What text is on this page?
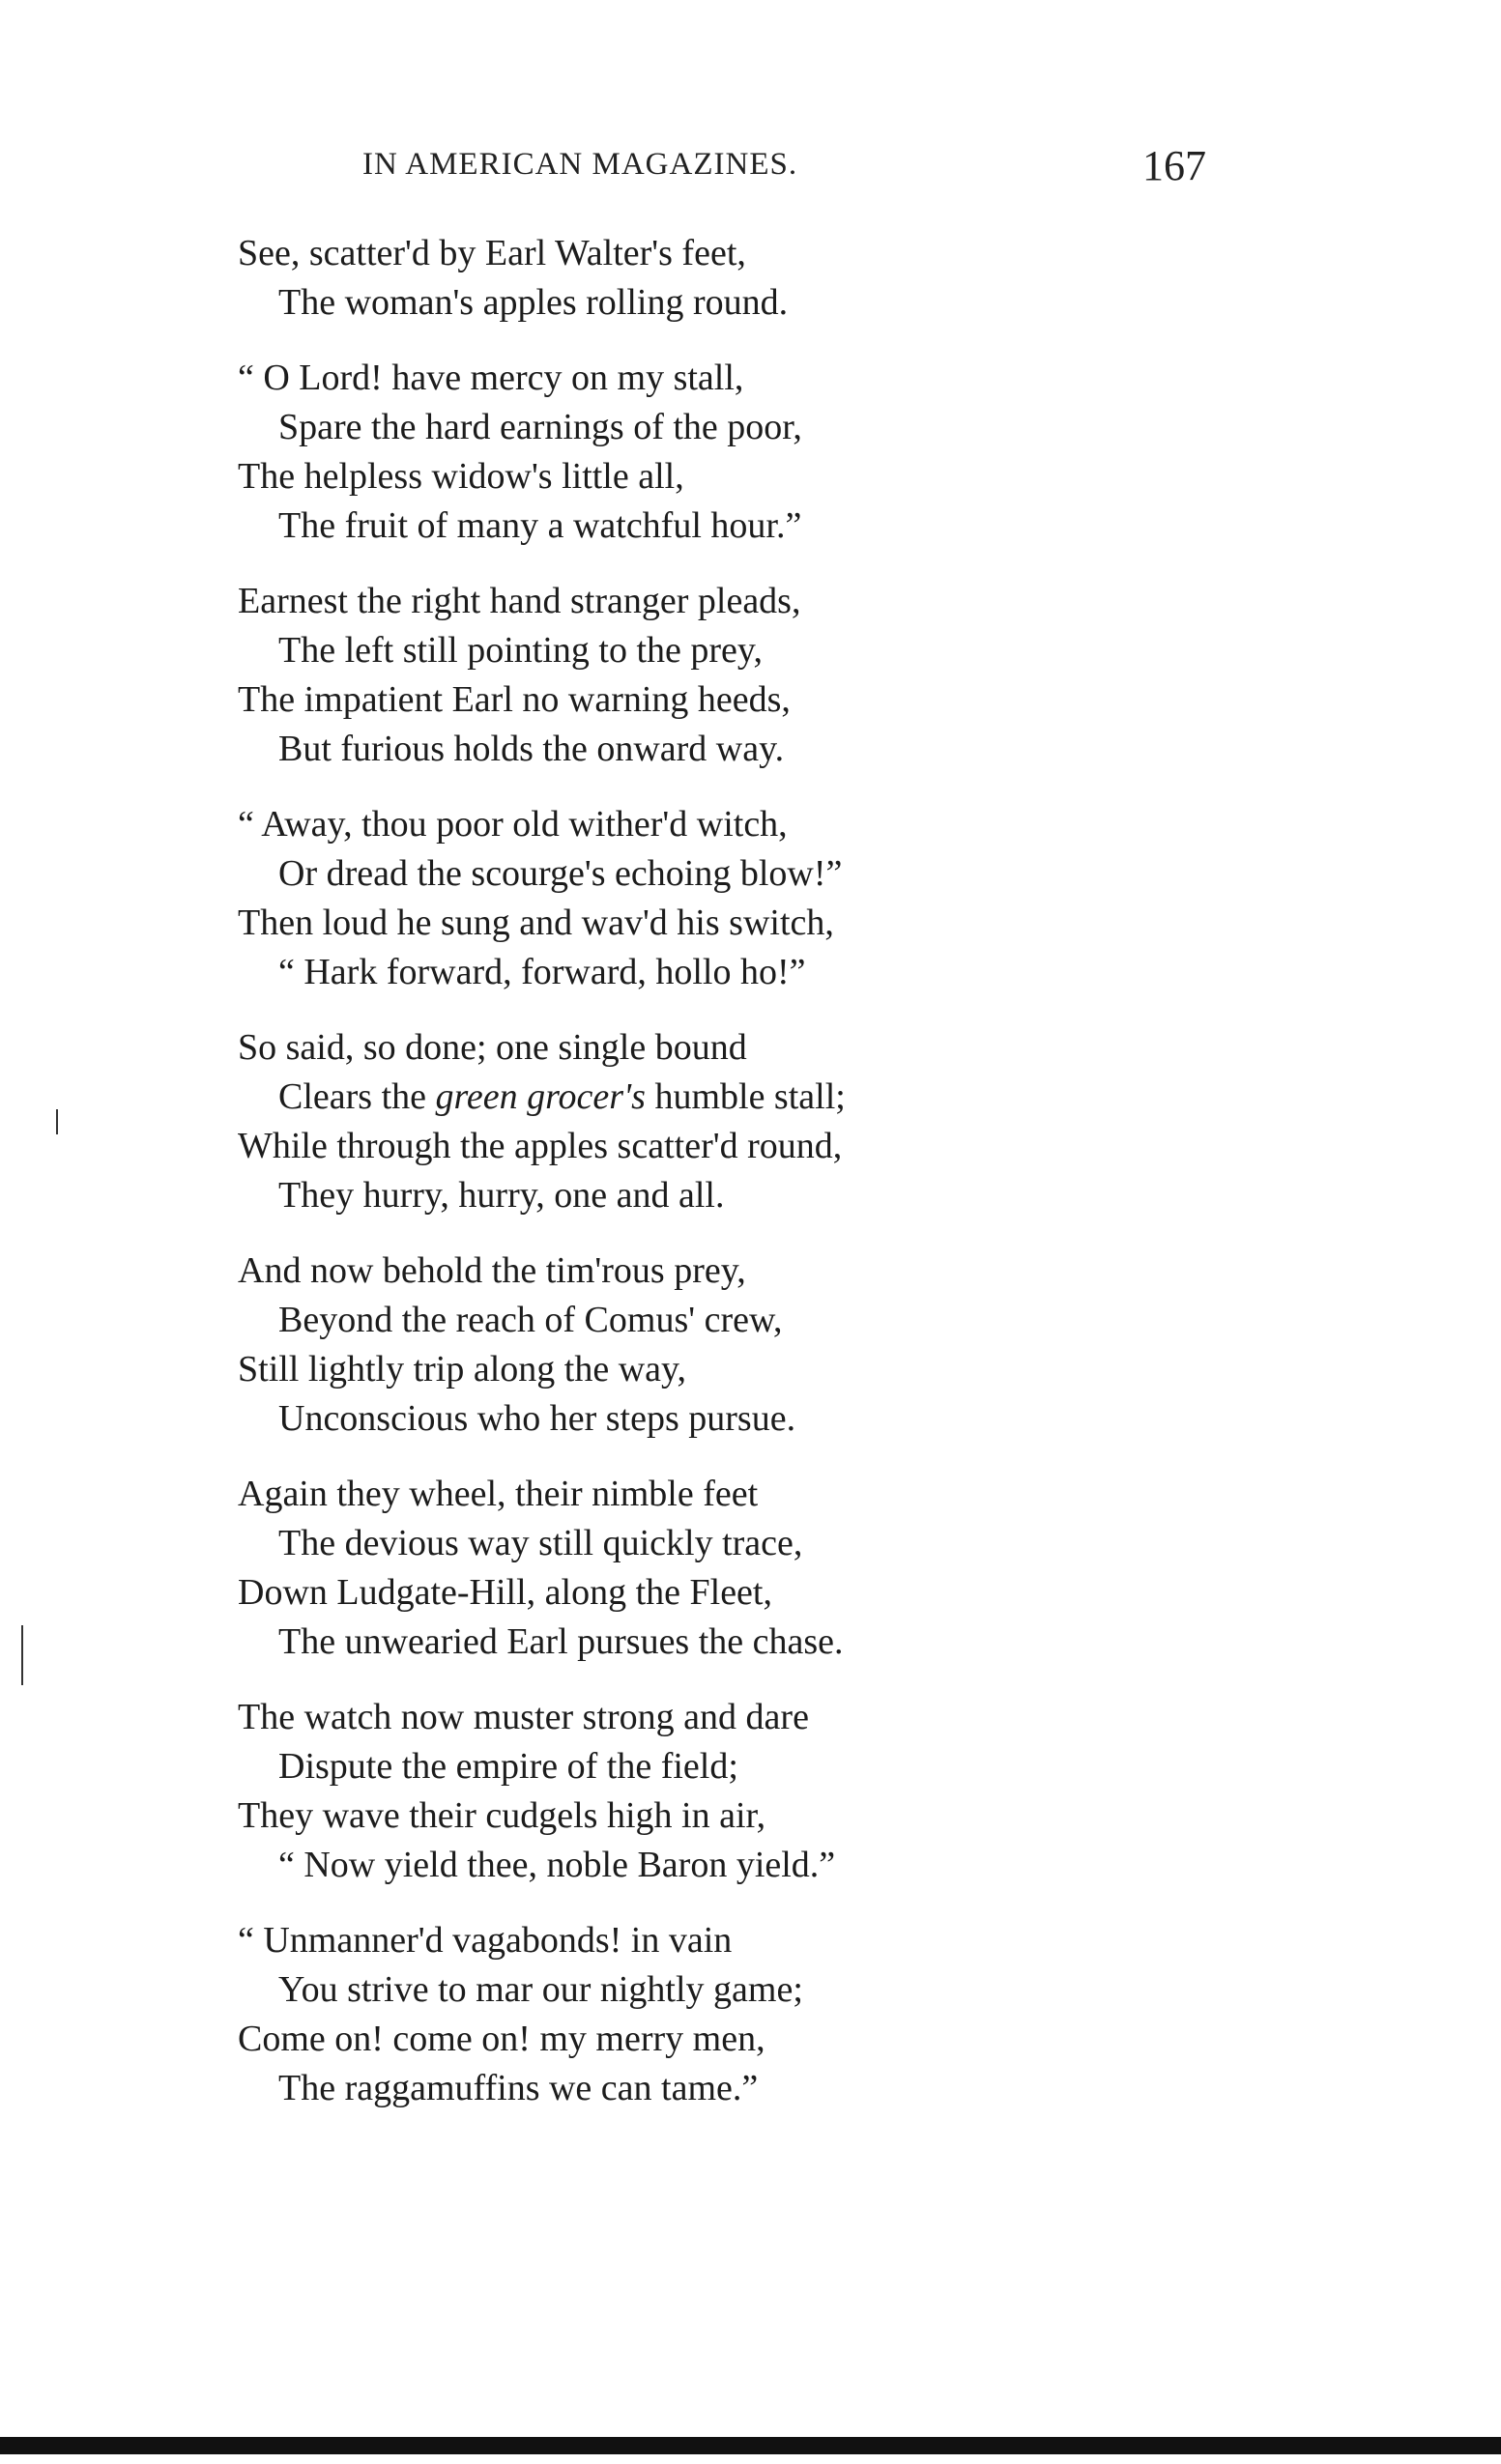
IN AMERICAN MAGAZINES.	167
See, scatter'd by Earl Walter's feet,
The woman's apples rolling round.
“ O Lord! have mercy on my stall,
Spare the hard earnings of the poor,
The helpless widow's little all,
The fruit of many a watchful hour.”
Earnest the right hand stranger pleads,
The left still pointing to the prey,
The impatient Earl no warning heeds,
But furious holds the onward way.
“ Away, thou poor old wither'd witch,
Or dread the scourge's echoing blow!”
Then loud he sung and wav'd his switch,
“ Hark forward, forward, hollo ho!”
So said, so done; one single bound
Clears the green grocer's humble stall;
While through the apples scatter'd round,
They hurry, hurry, one and all.
And now behold the tim'rous prey,
Beyond the reach of Comus' crew,
Still lightly trip along the way,
Unconscious who her steps pursue.
Again they wheel, their nimble feet
The devious way still quickly trace,
Down Ludgate-Hill, along the Fleet,
The unwearied Earl pursues the chase.
The watch now muster strong and dare
Dispute the empire of the field;
They wave their cudgels high in air,
“ Now yield thee, noble Baron yield.”
“ Unmanner'd vagabonds! in vain
You strive to mar our nightly game;
Come on! come on! my merry men,
The raggamuffins we can tame.”
